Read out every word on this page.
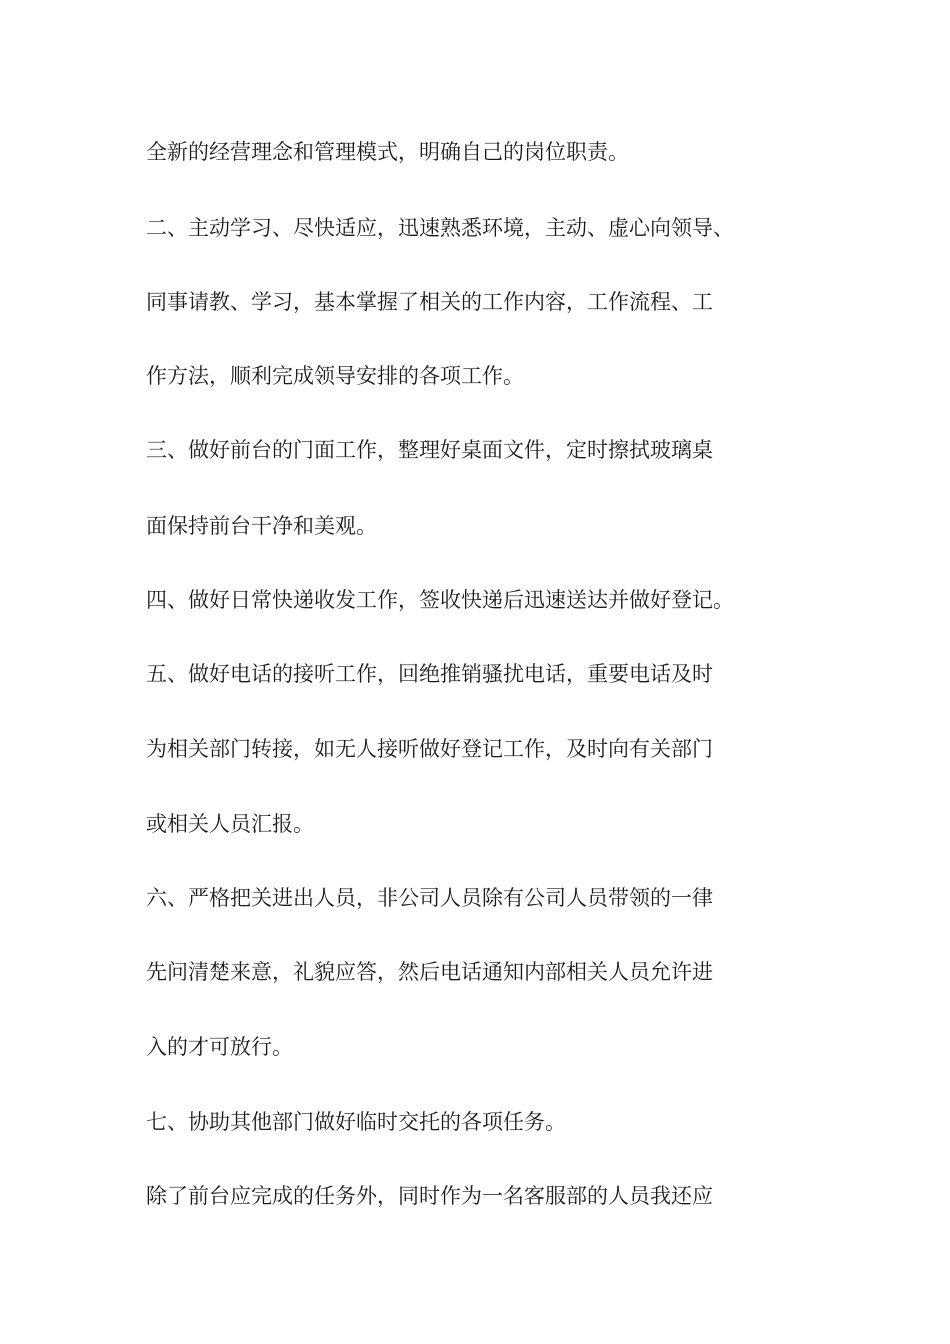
全新的经营理念和管理模式，明确自己的岗位职责。
二、主动学习、尽快适应，迅速熟悉环境，主动、虚心向领导、
同事请教、学习，基本掌握了相关的工作内容，工作流程、工
作方法，顺利完成领导安排的各项工作。
三、做好前台的门面工作，整理好桌面文件，定时擦拭玻璃桌
面保持前台干净和美观。
四、做好日常快递收发工作，签收快递后迅速送达并做好登记。
五、做好电话的接听工作，回绝推销骚扰电话，重要电话及时
为相关部门转接，如无人接听做好登记工作，及时向有关部门
或相关人员汇报。
六、严格把关进出人员，非公司人员除有公司人员带领的一律
先问清楚来意，礼貌应答，然后电话通知内部相关人员允许进
入的才可放行。
七、协助其他部门做好临时交托的各项任务。
除了前台应完成的任务外，同时作为一名客服部的人员我还应
